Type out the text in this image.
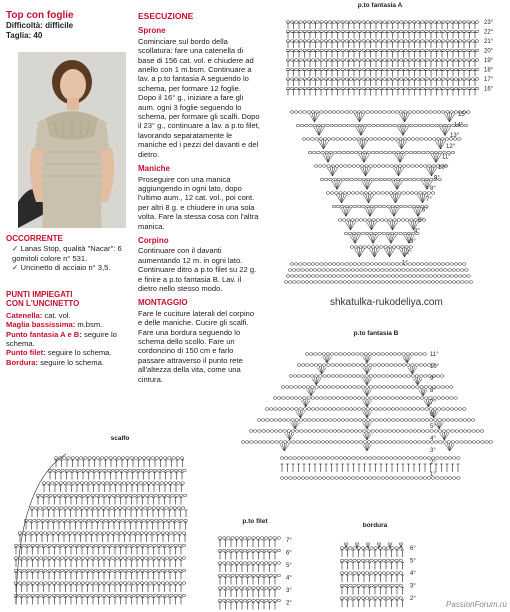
Top con foglie
Difficoltà: difficile
Taglia: 40
OCCORRENTE
✓ Lanas Stop, qualità "Nacar": 6 gomitoli colore n° 531.
✓ Uncinetto di acciaio n° 3,5.
PUNTI IMPIEGATI
CON L'UNCINETTO
Catenella: cat. vol.
Maglia bassissima: m.bsm.
Punto fantasia A e B: seguire lo schema.
Punto filet: seguire lo schema.
Bordura: seguire lo schema.
ESECUZIONE
Sprone

Cominciare sul bordo della scollatura: fare una catenella di base di 156 cat. vol. e chiudere ad anello con 1 m.bsm. Continuare a lav. a p.to fantasia A seguendo lo schema, per formare 12 foglie. Dopo il 16° g., iniziare a fare gli aum. ogni 3 foglie seguendo lo schema, per formare gli scalfi. Dopo il 23° g., continuare a lav. a p.to filet, lavorando separatamente le maniche ed i pezzi del davanti e del dietro.

Maniche

Proseguire con una manica aggiungendo in ogni lato, dopo l'ultimo aum., 12 cat. vol., poi cont. per altri 8 g. e chiudere in una sola volta. Fare la stessa cosa con l'altra manica.

Corpino

Continuare con il davanti aumentando 12 m. in ogni lato. Continuare ditro a p.to filet su 22 g. e finire a p.to fantasia B. Lav. il dietro nello stesso modo.

MONTAGGIO

Fare le cuciture laterali del corpino e delle maniche. Cucire gli scalfi. Fare una bordura seguendo lo schema dello scollo. Fare un cordoncino di 150 cm e farlo passare attraverso il punto rete all'altezza della vita, come una cintura.

p.to fantasia A
23°
22°
21°
20°
19°
18°
17°
16°
15°
14°
13°
12°
11°
10°
9°
8°
7°
6°
5°
4°
3°
2°
1°
shkatulka-rukodeliya.com
p.to fantasia B
11°
10°
9°
8°
7°
6°
5°
4°
3°
2°
1°
scalfo
p.to filet
7°
6°
5°
4°
3°
2°
bordura
6°
5°
4°
3°
2°
PassionForum.ru
